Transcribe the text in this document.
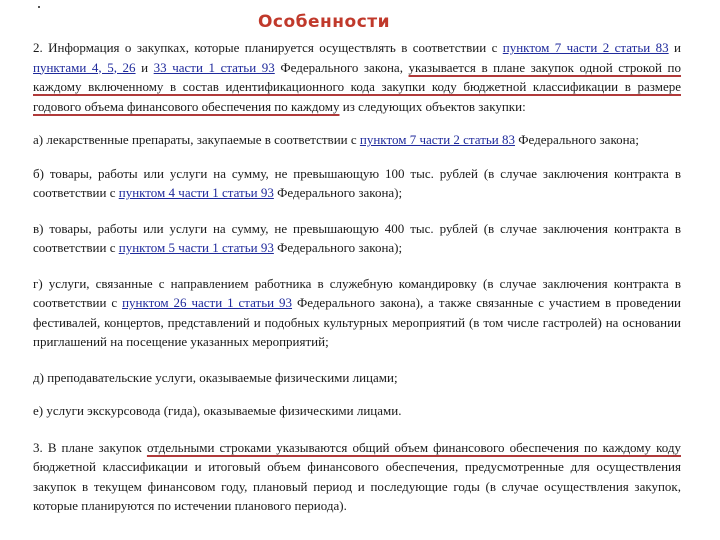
Особенности

2. Информация о закупках, которые планируется осуществлять в соответствии с пунктом 7 части 2 статьи 83 и пунктами 4, 5, 26 и 33 части 1 статьи 93 Федерального закона, указывается в плане закупок одной строкой по каждому включенному в состав идентификационного кода закупки коду бюджетной классификации в размере годового объема финансового обеспечения по каждому из следующих объектов закупки:

а) лекарственные препараты, закупаемые в соответствии с пунктом 7 части 2 статьи 83 Федерального закона;

б) товары, работы или услуги на сумму, не превышающую 100 тыс. рублей (в случае заключения контракта в соответствии с пунктом 4 части 1 статьи 93 Федерального закона);

в) товары, работы или услуги на сумму, не превышающую 400 тыс. рублей (в случае заключения контракта в соответствии с пунктом 5 части 1 статьи 93 Федерального закона);

г) услуги, связанные с направлением работника в служебную командировку (в случае заключения контракта в соответствии с пунктом 26 части 1 статьи 93 Федерального закона), а также связанные с участием в проведении фестивалей, концертов, представлений и подобных культурных мероприятий (в том числе гастролей) на основании приглашений на посещение указанных мероприятий;

д) преподавательские услуги, оказываемые физическими лицами;

е) услуги экскурсовода (гида), оказываемые физическими лицами.

3. В плане закупок отдельными строками указываются общий объем финансового обеспечения по каждому коду бюджетной классификации и итоговый объем финансового обеспечения, предусмотренные для осуществления закупок в текущем финансовом году, плановый период и последующие годы (в случае осуществления закупок, которые планируются по истечении планового периода).
